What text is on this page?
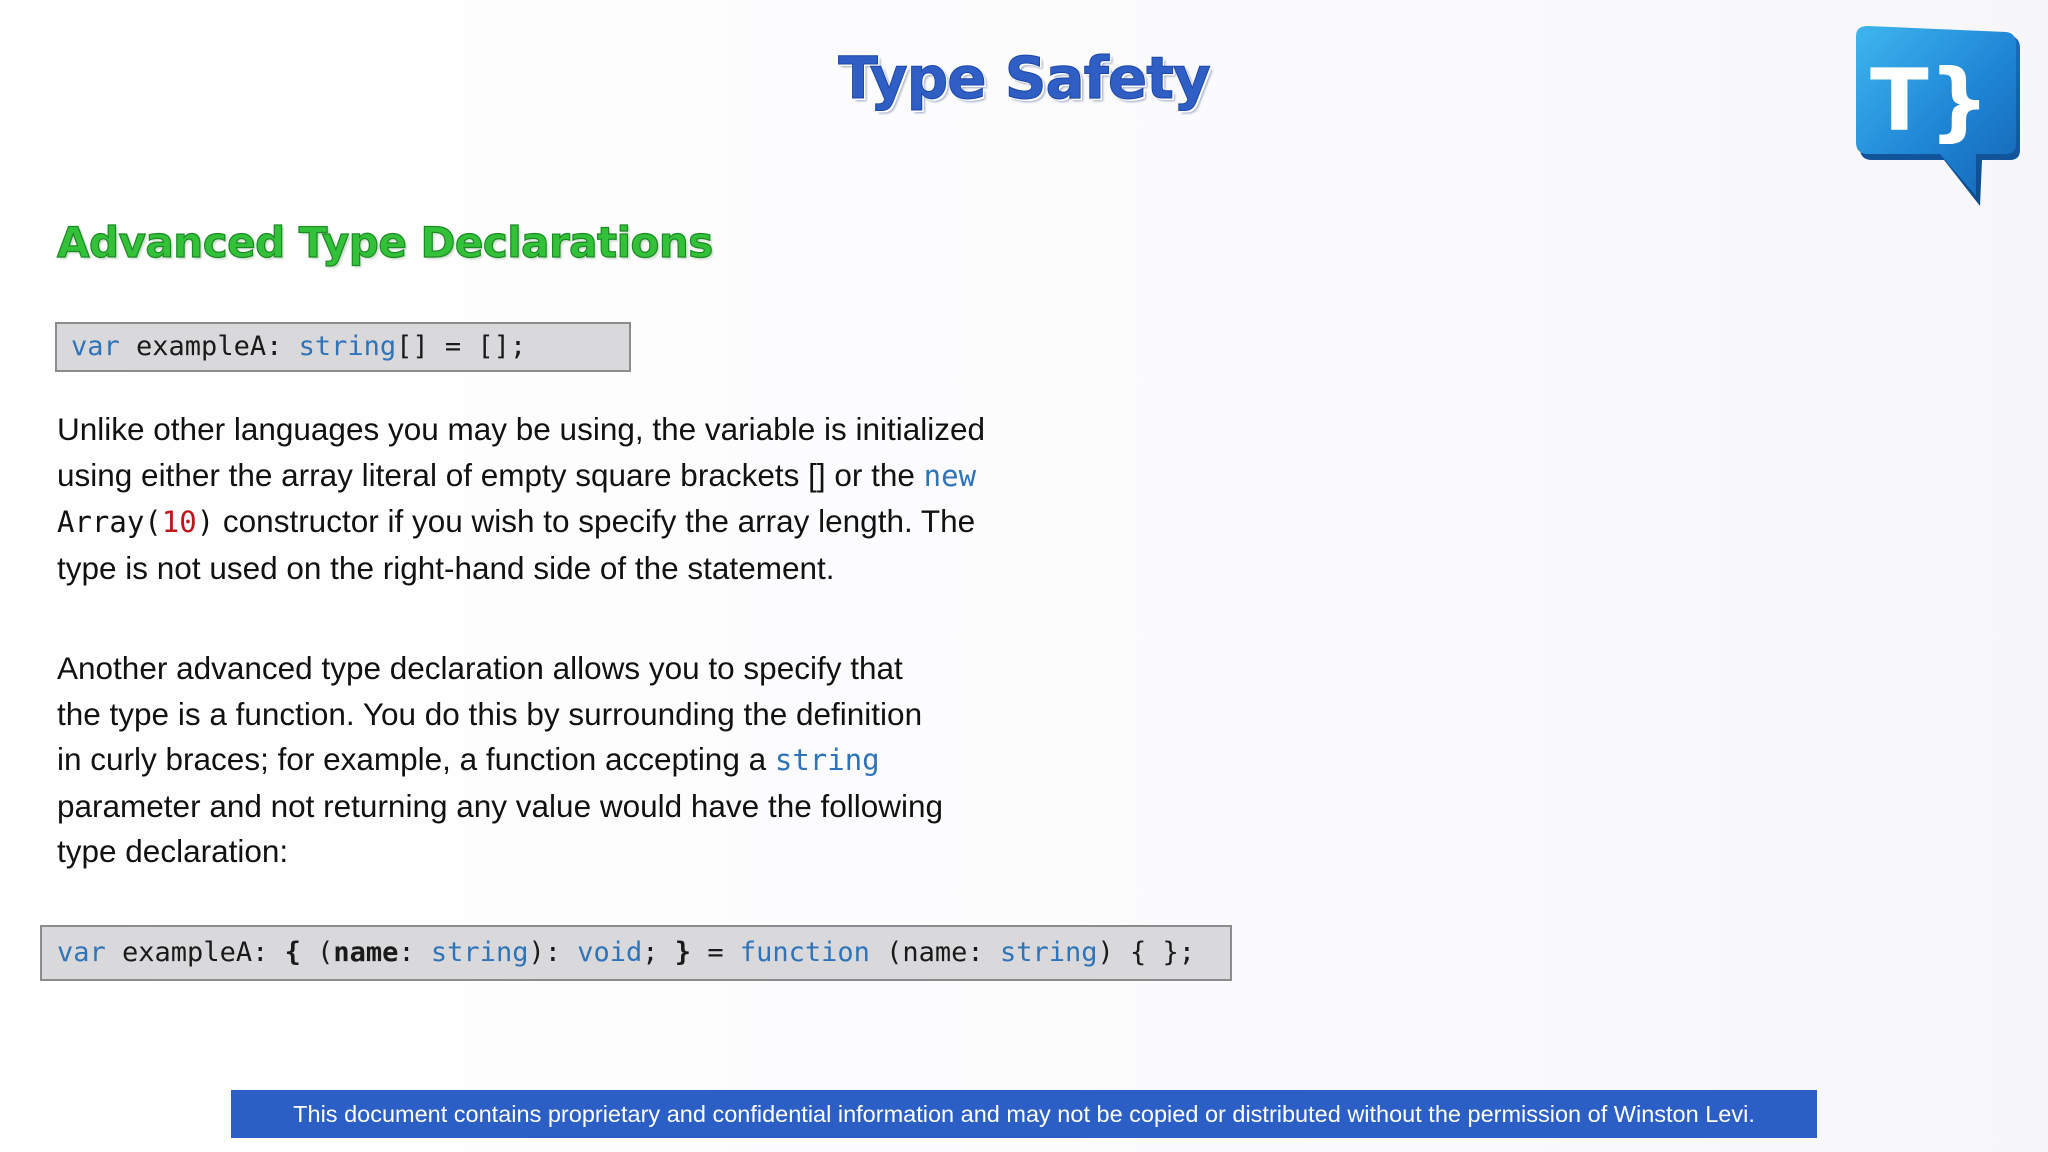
Type Safety	T}
Advanced Type Declarations
var exampleA: string[] = [];
Unlike other languages you may be using, the variable is initialized
using either the array literal of empty square brackets [] or the new
Array(10) constructor if you wish to specify the array length. The
type is not used on the right-hand side of the statement.
Another advanced type declaration allows you to specify that
the type is a function. You do this by surrounding the definition
in curly braces; for example, a function accepting a string
parameter and not returning any value would have the following
type declaration:
var exampleA: { (name: string): void; } = function (name: string) { };
This document contains proprietary and confidential information and may not be copied or distributed without the permission of Winston Levi.
